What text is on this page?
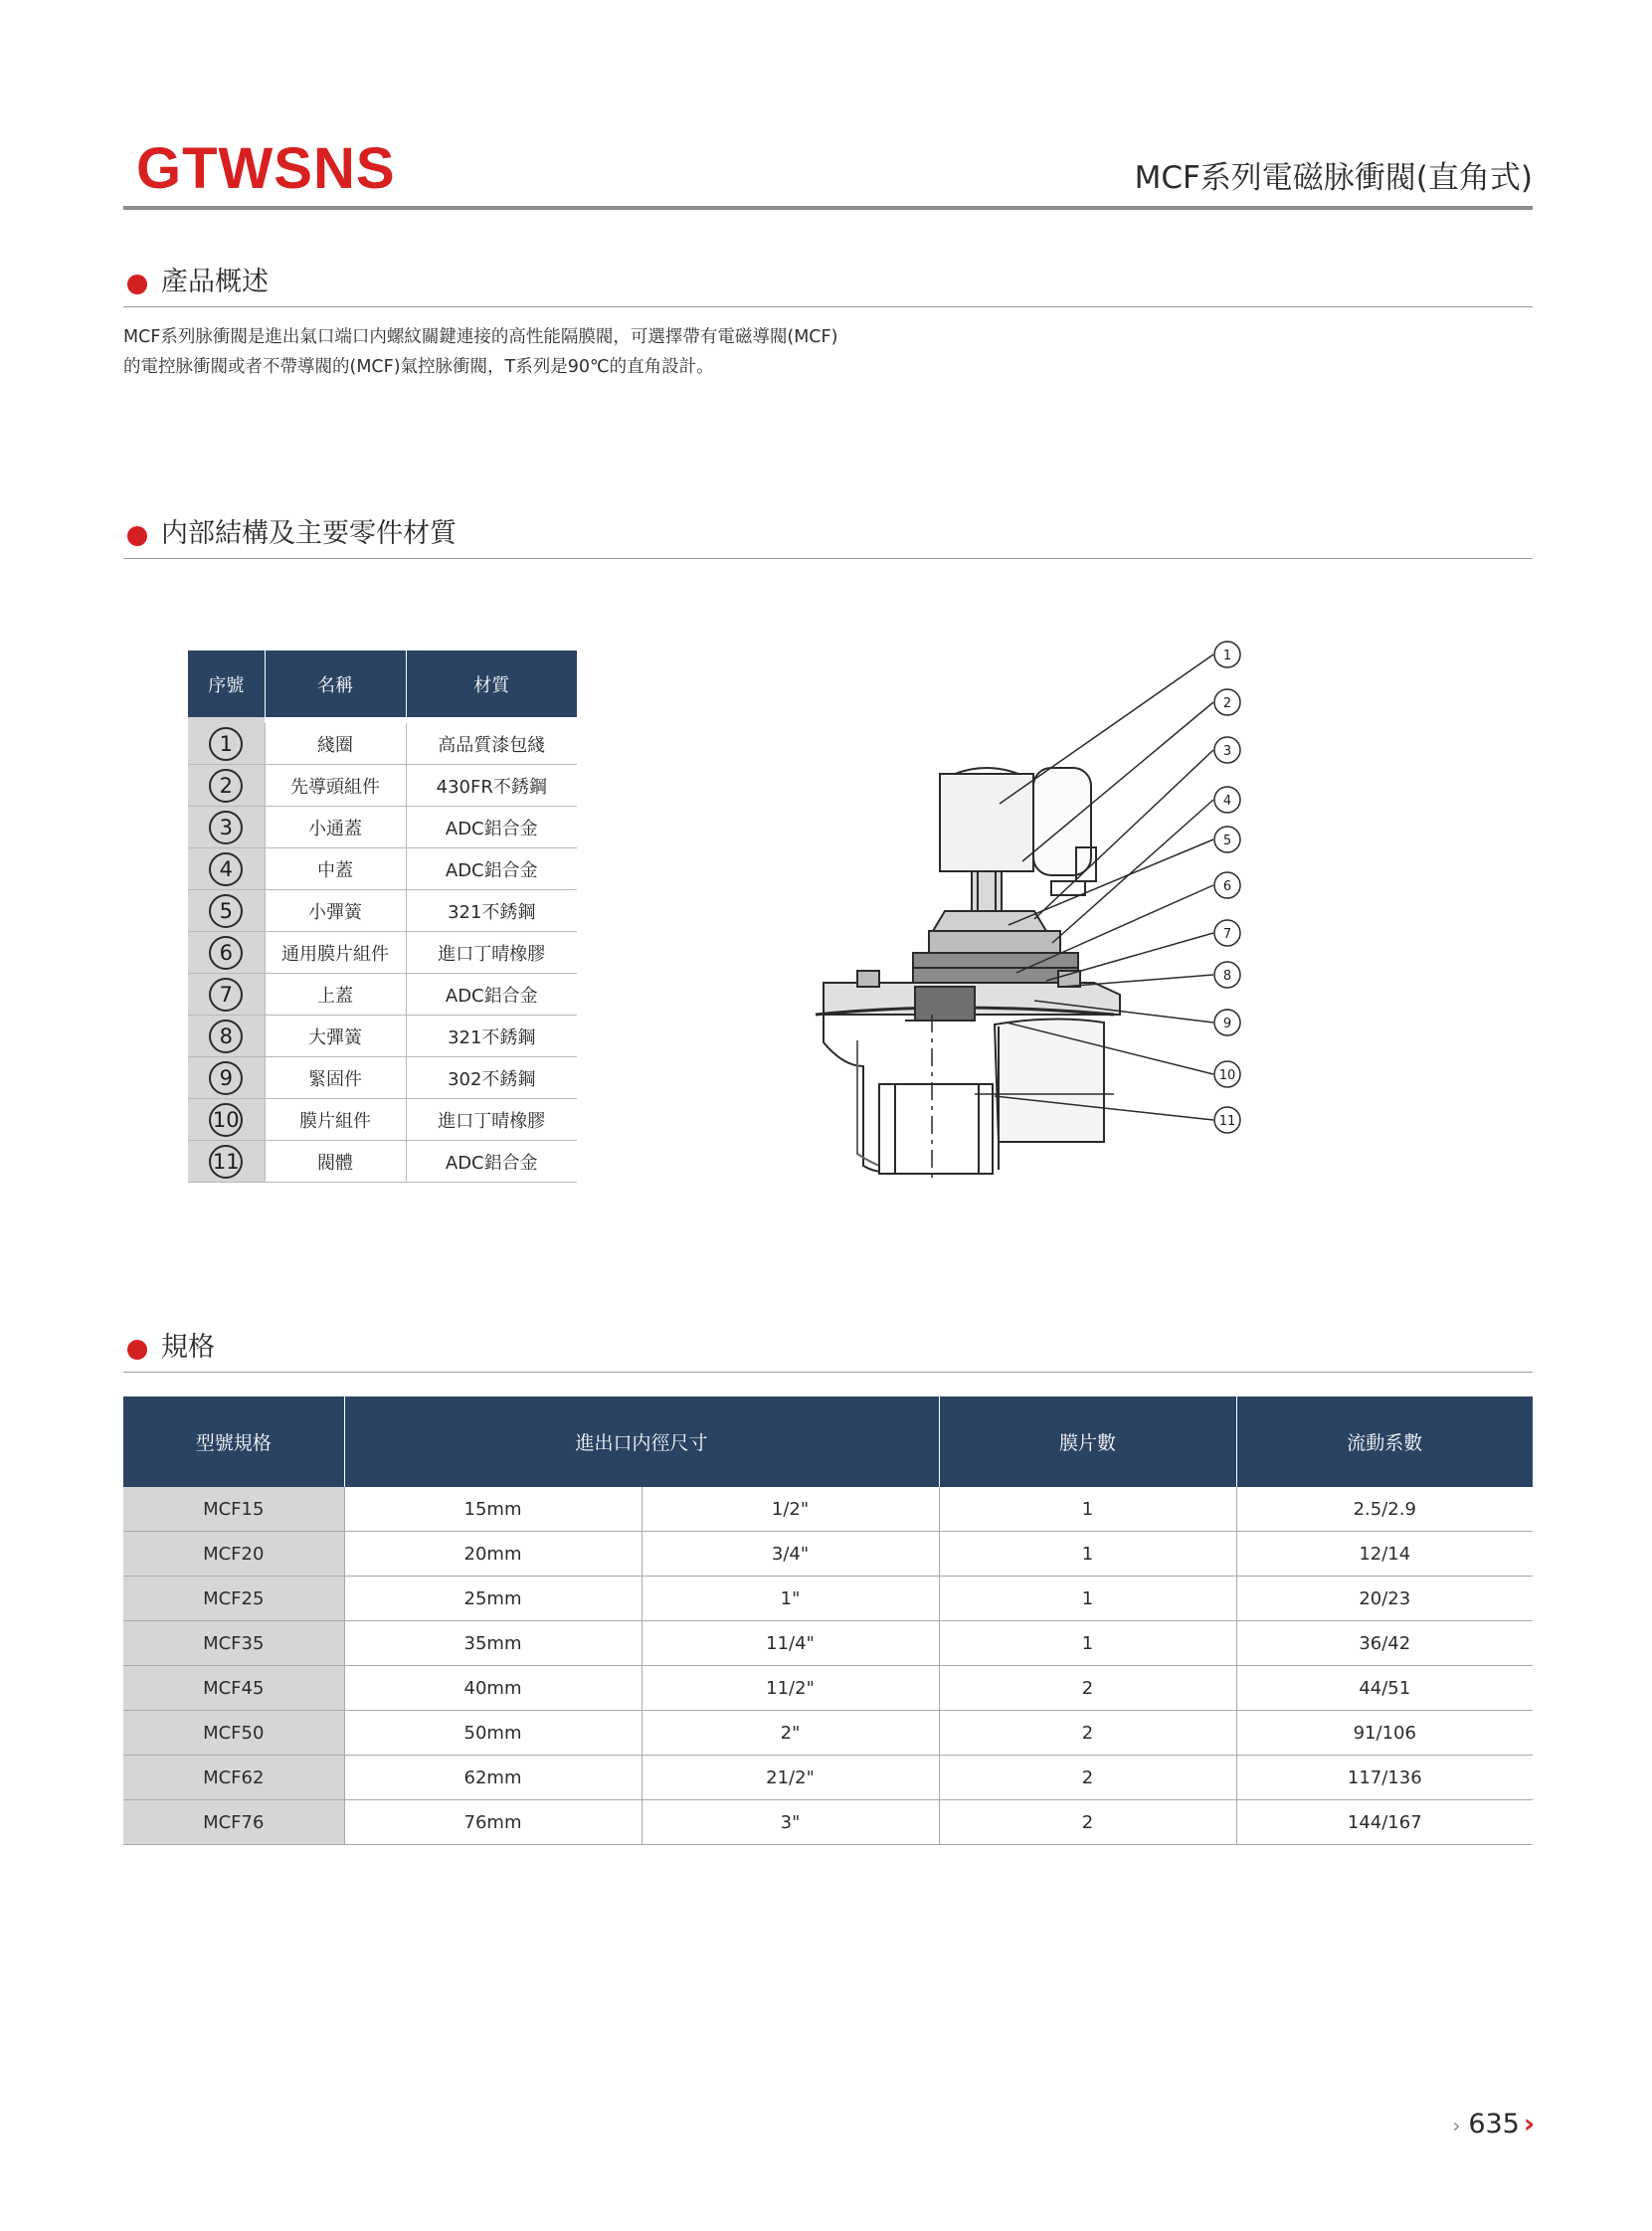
GTWSNS	MCF系列電磁脉衝閥(直角式)
產品概述

MCF系列脉衝閥是進出氣口端口内螺紋關鍵連接的高性能隔膜閥，可選擇帶有電磁導閥(MCF)

的電控脉衝閥或者不帶導閥的(MCF)氣控脉衝閥，T系列是90℃的直角設計。

内部結構及主要零件材質
序號	名稱	材質

1	綫圈	高品質漆包綫
2	先導頭組件	430FR不銹鋼
3	小通蓋	ADC鋁合金
4	中蓋	ADC鋁合金
5	小彈簧	321不銹鋼
6	通用膜片組件	進口丁晴橡膠
7	上蓋	ADC鋁合金
8	大彈簧	321不銹鋼
9	緊固件	302不銹鋼
10	膜片組件	進口丁晴橡膠
11	閥體	ADC鋁合金
1
2
3
4
5
6
7
8
9
10
11
規格
型號規格	進出口内徑尺寸		膜片數	流動系數
MCF15	15mm	1/2"	1	2.5/2.9
MCF20	20mm	3/4"	1	12/14
MCF25	25mm	1"	1	20/23
MCF35	35mm	11/4"	1	36/42
MCF45	40mm	11/2"	2	44/51
MCF50	50mm	2"	2	91/106
MCF62	62mm	21/2"	2	117/136
MCF76	76mm	3"	2	144/167
› 635 ›
